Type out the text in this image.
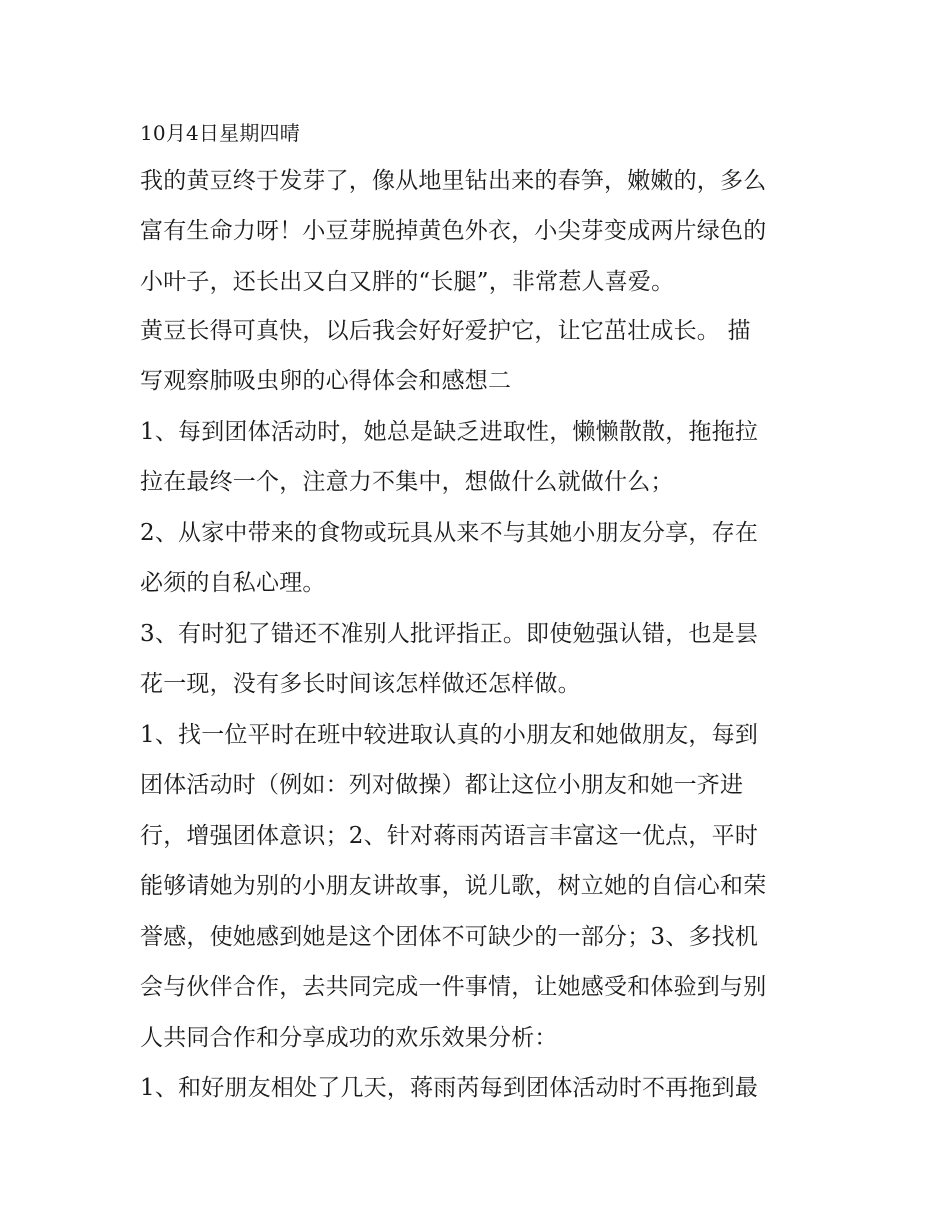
10月4日星期四晴
我的黄豆终于发芽了，像从地里钻出来的春笋，嫩嫩的，多么
富有生命力呀！小豆芽脱掉黄色外衣，小尖芽变成两片绿色的
小叶子，还长出又白又胖的“长腿”，非常惹人喜爱。
黄豆长得可真快，以后我会好好爱护它，让它茁壮成长。 描
写观察肺吸虫卵的心得体会和感想二
1、每到团体活动时，她总是缺乏进取性，懒懒散散，拖拖拉
拉在最终一个，注意力不集中，想做什么就做什么；
2、从家中带来的食物或玩具从来不与其她小朋友分享，存在
必须的自私心理。
3、有时犯了错还不准别人批评指正。即使勉强认错，也是昙
花一现，没有多长时间该怎样做还怎样做。
1、找一位平时在班中较进取认真的小朋友和她做朋友，每到
团体活动时（例如：列对做操）都让这位小朋友和她一齐进
行，增强团体意识；2、针对蒋雨芮语言丰富这一优点，平时
能够请她为别的小朋友讲故事，说儿歌，树立她的自信心和荣
誉感，使她感到她是这个团体不可缺少的一部分；3、多找机
会与伙伴合作，去共同完成一件事情，让她感受和体验到与别
人共同合作和分享成功的欢乐效果分析：
1、和好朋友相处了几天，蒋雨芮每到团体活动时不再拖到最
